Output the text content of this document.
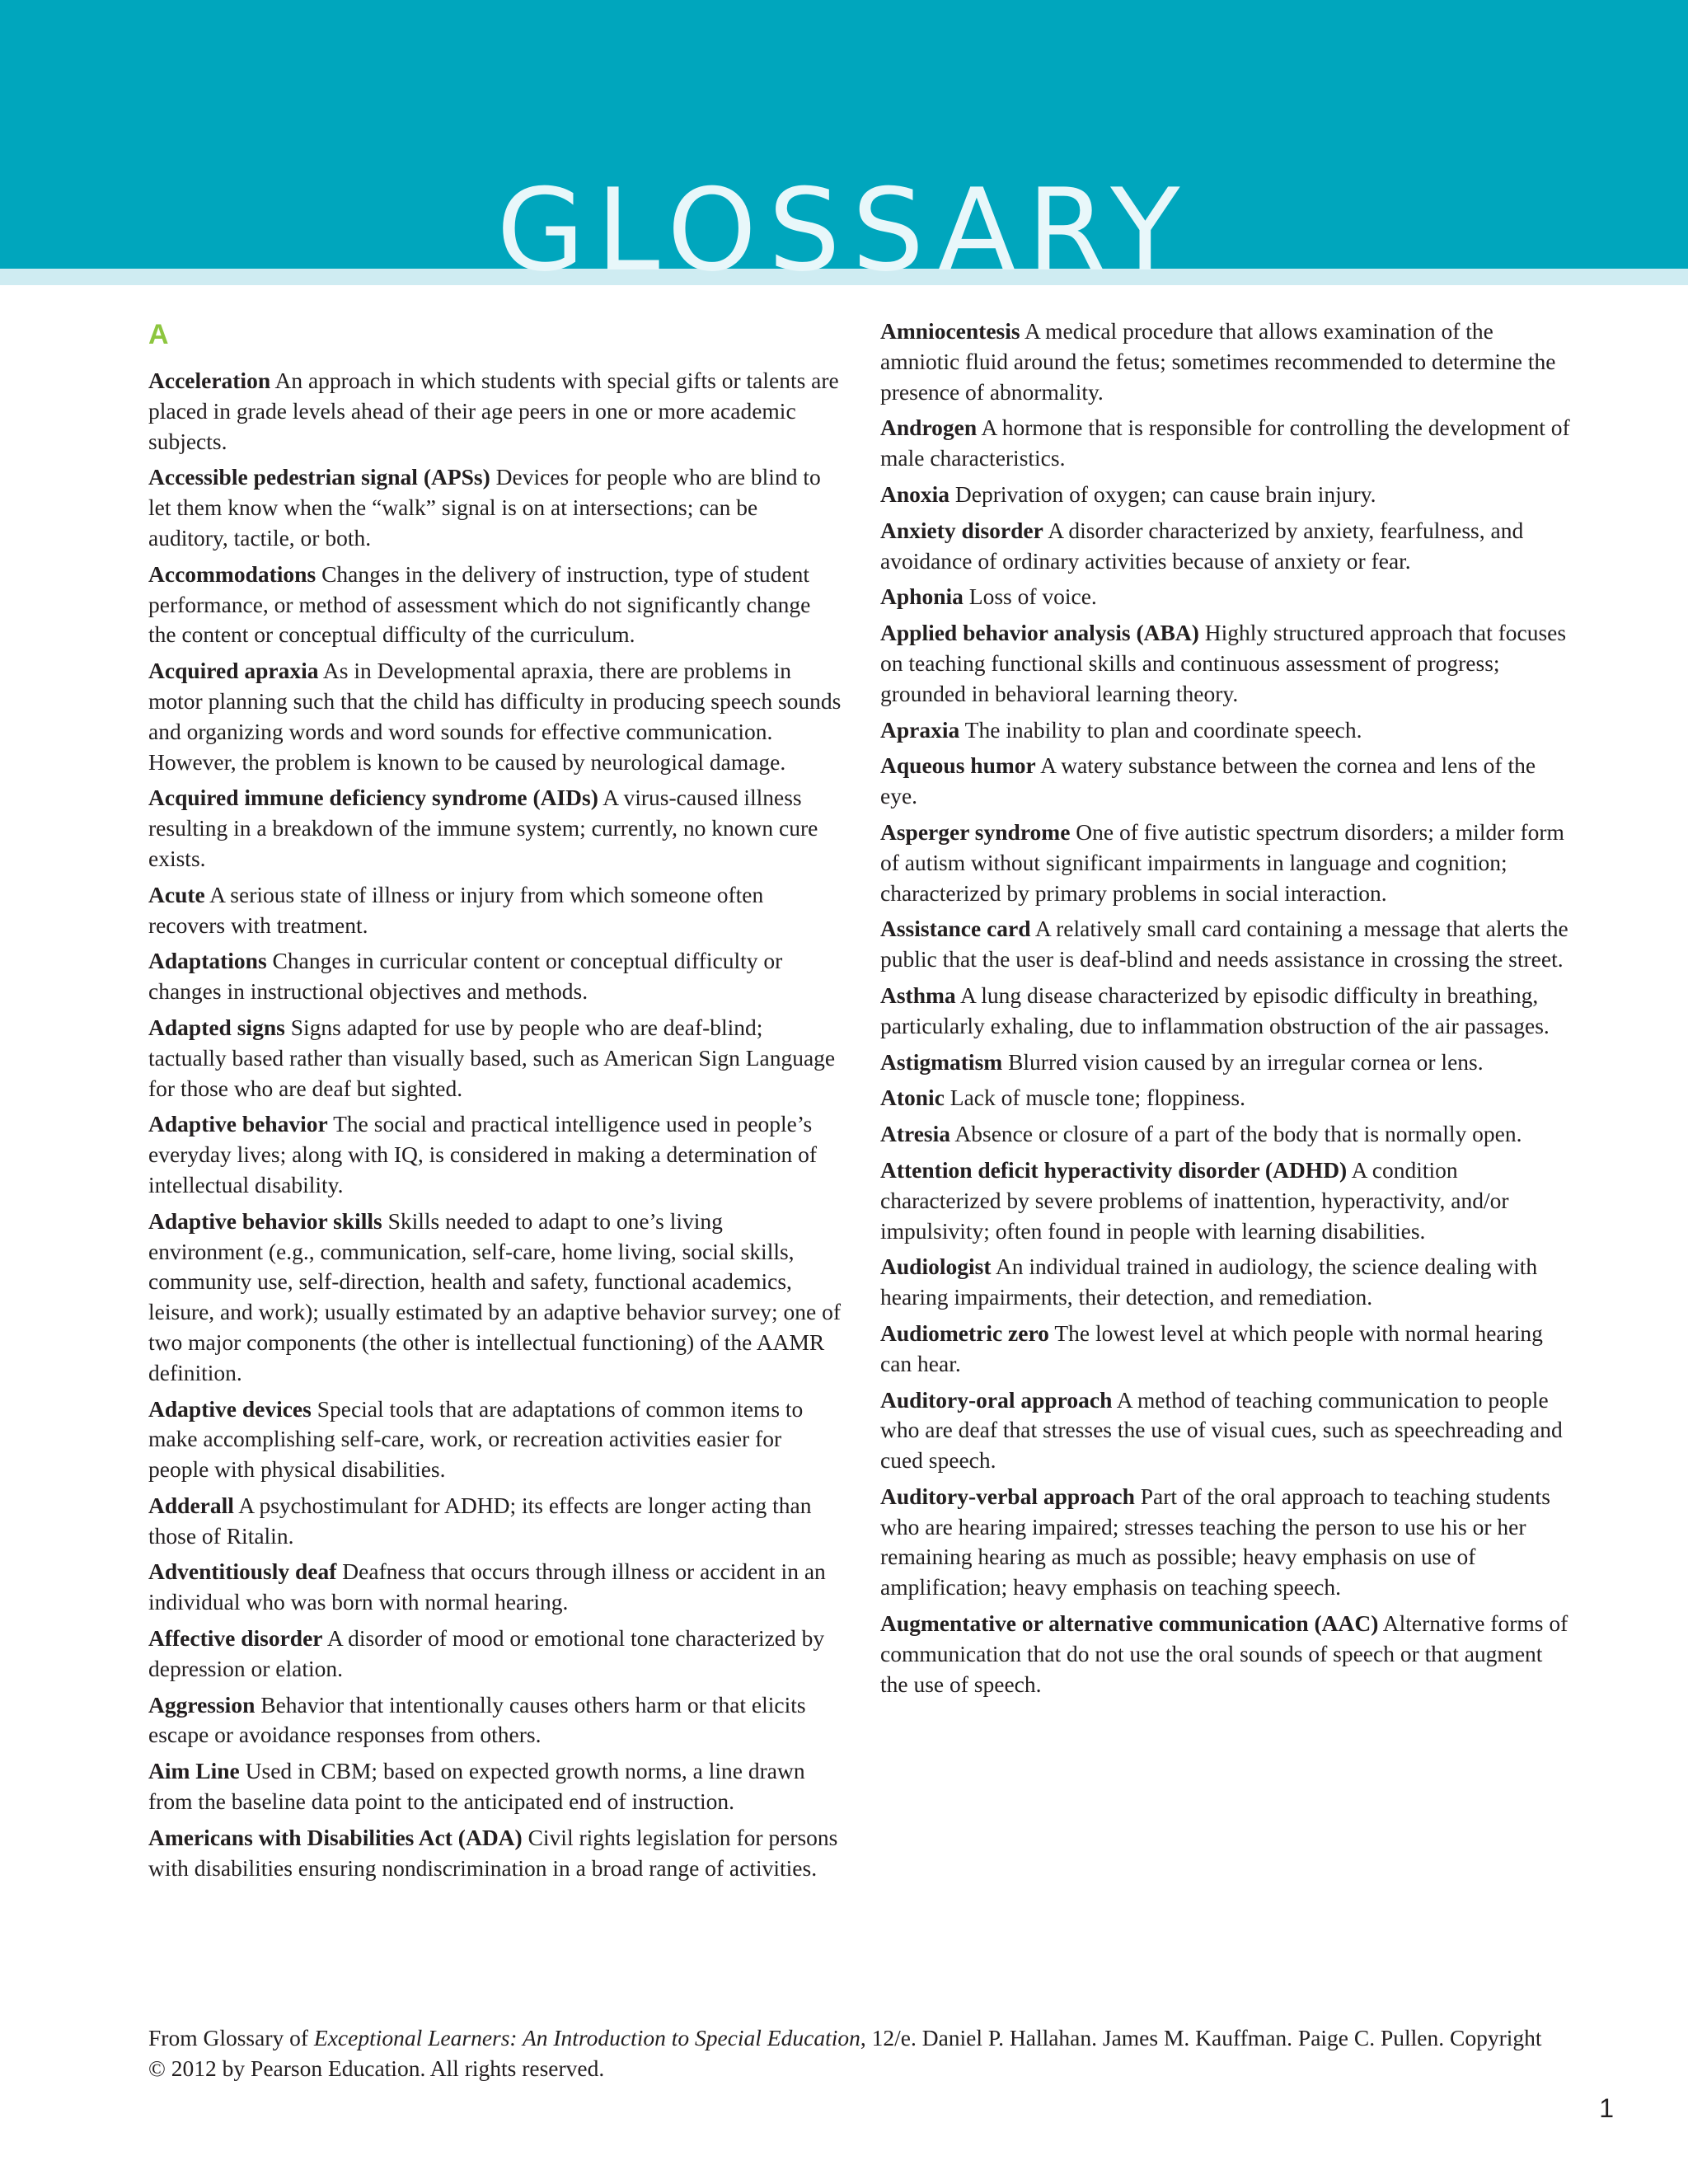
GLOSSARY
A

Acceleration An approach in which students with special gifts or talents are placed in grade levels ahead of their age peers in one or more academic subjects.

Accessible pedestrian signal (APSs) Devices for people who are blind to let them know when the “walk” signal is on at intersections; can be auditory, tactile, or both.

Accommodations Changes in the delivery of instruction, type of student performance, or method of assessment which do not significantly change the content or conceptual difficulty of the curriculum.

Acquired apraxia As in Developmental apraxia, there are problems in motor planning such that the child has difficulty in producing speech sounds and organizing words and word sounds for effective communication. However, the problem is known to be caused by neurological damage.

Acquired immune deficiency syndrome (AIDs) A virus-caused illness resulting in a breakdown of the immune system; currently, no known cure exists.

Acute A serious state of illness or injury from which someone often recovers with treatment.

Adaptations Changes in curricular content or conceptual difficulty or changes in instructional objectives and methods.

Adapted signs Signs adapted for use by people who are deaf-blind; tactually based rather than visually based, such as American Sign Language for those who are deaf but sighted.

Adaptive behavior The social and practical intelligence used in people’s everyday lives; along with IQ, is considered in making a determination of intellectual disability.

Adaptive behavior skills Skills needed to adapt to one’s living environment (e.g., communication, self-care, home living, social skills, community use, self-direction, health and safety, functional academics, leisure, and work); usually estimated by an adaptive behavior survey; one of two major components (the other is intellectual functioning) of the AAMR definition.

Adaptive devices Special tools that are adaptations of common items to make accomplishing self-care, work, or recreation activities easier for people with physical disabilities.

Adderall A psychostimulant for ADHD; its effects are longer acting than those of Ritalin.

Adventitiously deaf Deafness that occurs through illness or accident in an individual who was born with normal hearing.

Affective disorder A disorder of mood or emotional tone characterized by depression or elation.

Aggression Behavior that intentionally causes others harm or that elicits escape or avoidance responses from others.

Aim Line Used in CBM; based on expected growth norms, a line drawn from the baseline data point to the anticipated end of instruction.

Americans with Disabilities Act (ADA) Civil rights legislation for persons with disabilities ensuring nondiscrimination in a broad range of activities.

Amniocentesis A medical procedure that allows examination of the amniotic fluid around the fetus; sometimes recommended to determine the presence of abnormality.

Androgen A hormone that is responsible for controlling the development of male characteristics.

Anoxia Deprivation of oxygen; can cause brain injury.

Anxiety disorder A disorder characterized by anxiety, fearfulness, and avoidance of ordinary activities because of anxiety or fear.

Aphonia Loss of voice.

Applied behavior analysis (ABA) Highly structured approach that focuses on teaching functional skills and continuous assessment of progress; grounded in behavioral learning theory.

Apraxia The inability to plan and coordinate speech.

Aqueous humor A watery substance between the cornea and lens of the eye.

Asperger syndrome One of five autistic spectrum disorders; a milder form of autism without significant impairments in language and cognition; characterized by primary problems in social interaction.

Assistance card A relatively small card containing a message that alerts the public that the user is deaf-blind and needs assistance in crossing the street.

Asthma A lung disease characterized by episodic difficulty in breathing, particularly exhaling, due to inflammation obstruction of the air passages.

Astigmatism Blurred vision caused by an irregular cornea or lens.

Atonic Lack of muscle tone; floppiness.

Atresia Absence or closure of a part of the body that is normally open.

Attention deficit hyperactivity disorder (ADHD) A condition characterized by severe problems of inattention, hyperactivity, and/or impulsivity; often found in people with learning disabilities.

Audiologist An individual trained in audiology, the science dealing with hearing impairments, their detection, and remediation.

Audiometric zero The lowest level at which people with normal hearing can hear.

Auditory-oral approach A method of teaching communication to people who are deaf that stresses the use of visual cues, such as speechreading and cued speech.

Auditory-verbal approach Part of the oral approach to teaching students who are hearing impaired; stresses teaching the person to use his or her remaining hearing as much as possible; heavy emphasis on use of amplification; heavy emphasis on teaching speech.

Augmentative or alternative communication (AAC) Alternative forms of communication that do not use the oral sounds of speech or that augment the use of speech.

From Glossary of Exceptional Learners: An Introduction to Special Education, 12/e. Daniel P. Hallahan. James M. Kauffman. Paige C. Pullen. Copyright © 2012 by Pearson Education. All rights reserved.
1
